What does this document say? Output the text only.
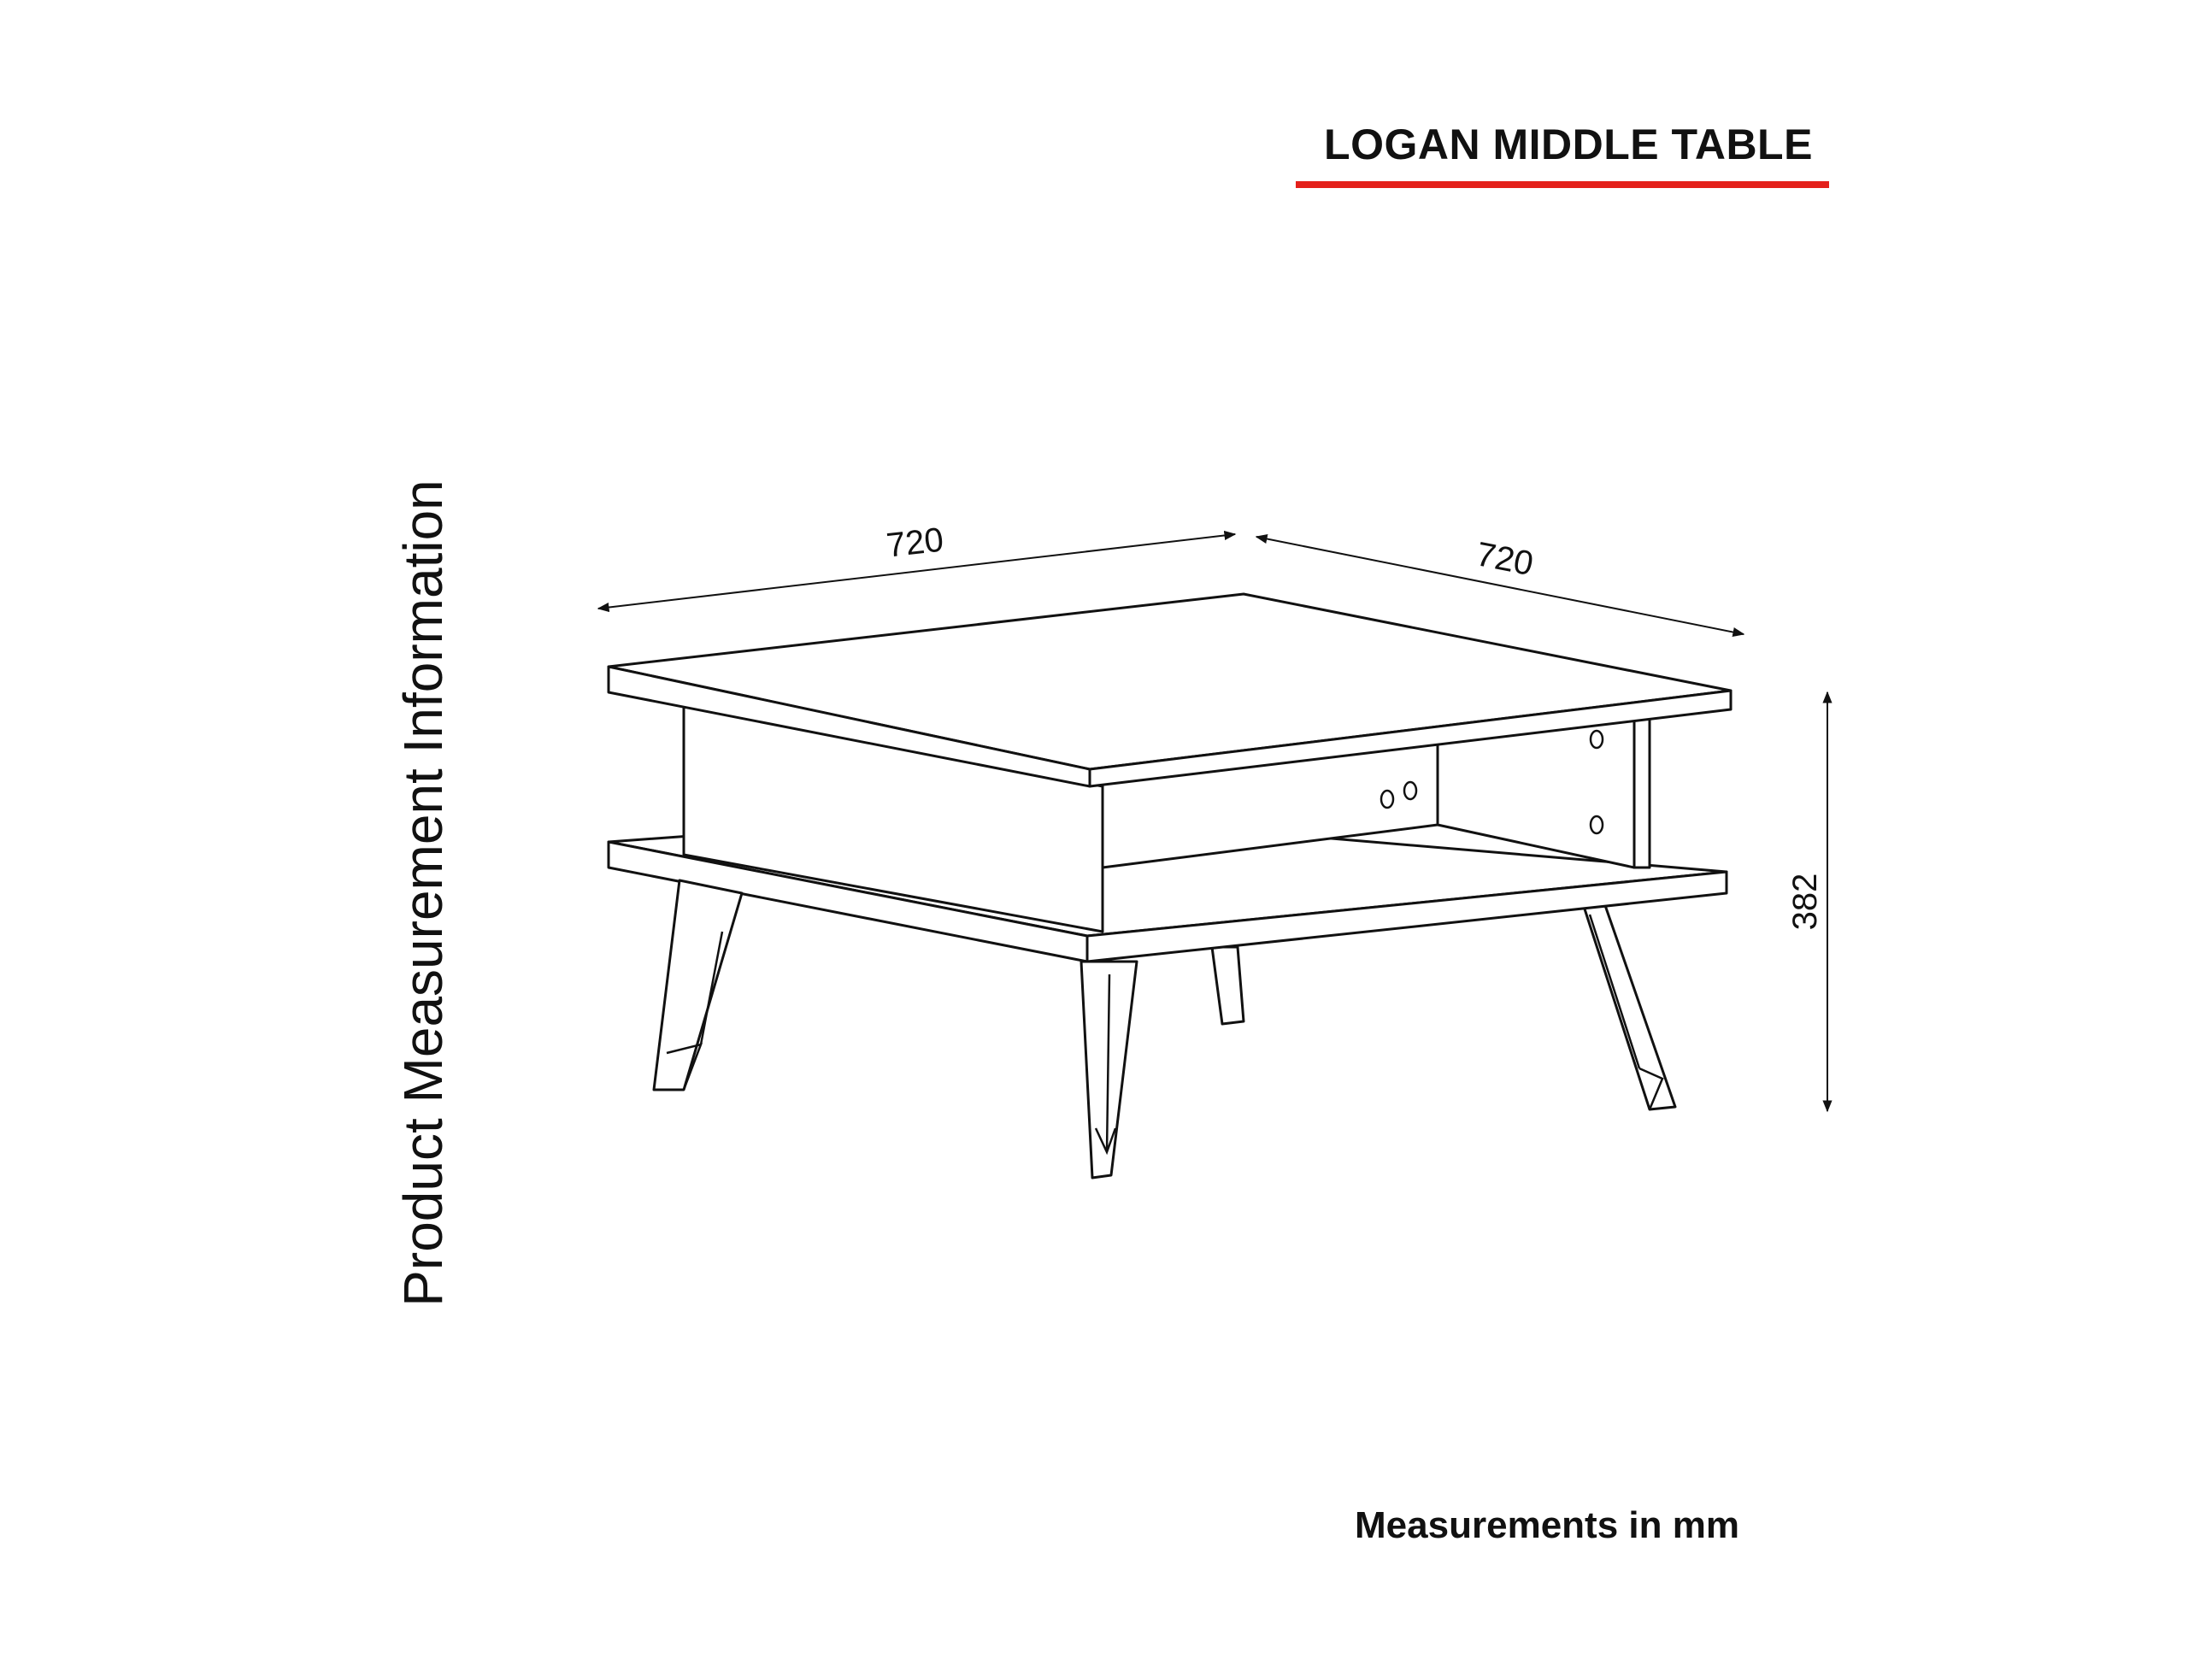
LOGAN MIDDLE TABLE
Product Measurement Information	720	720
382
Measurements in mm
